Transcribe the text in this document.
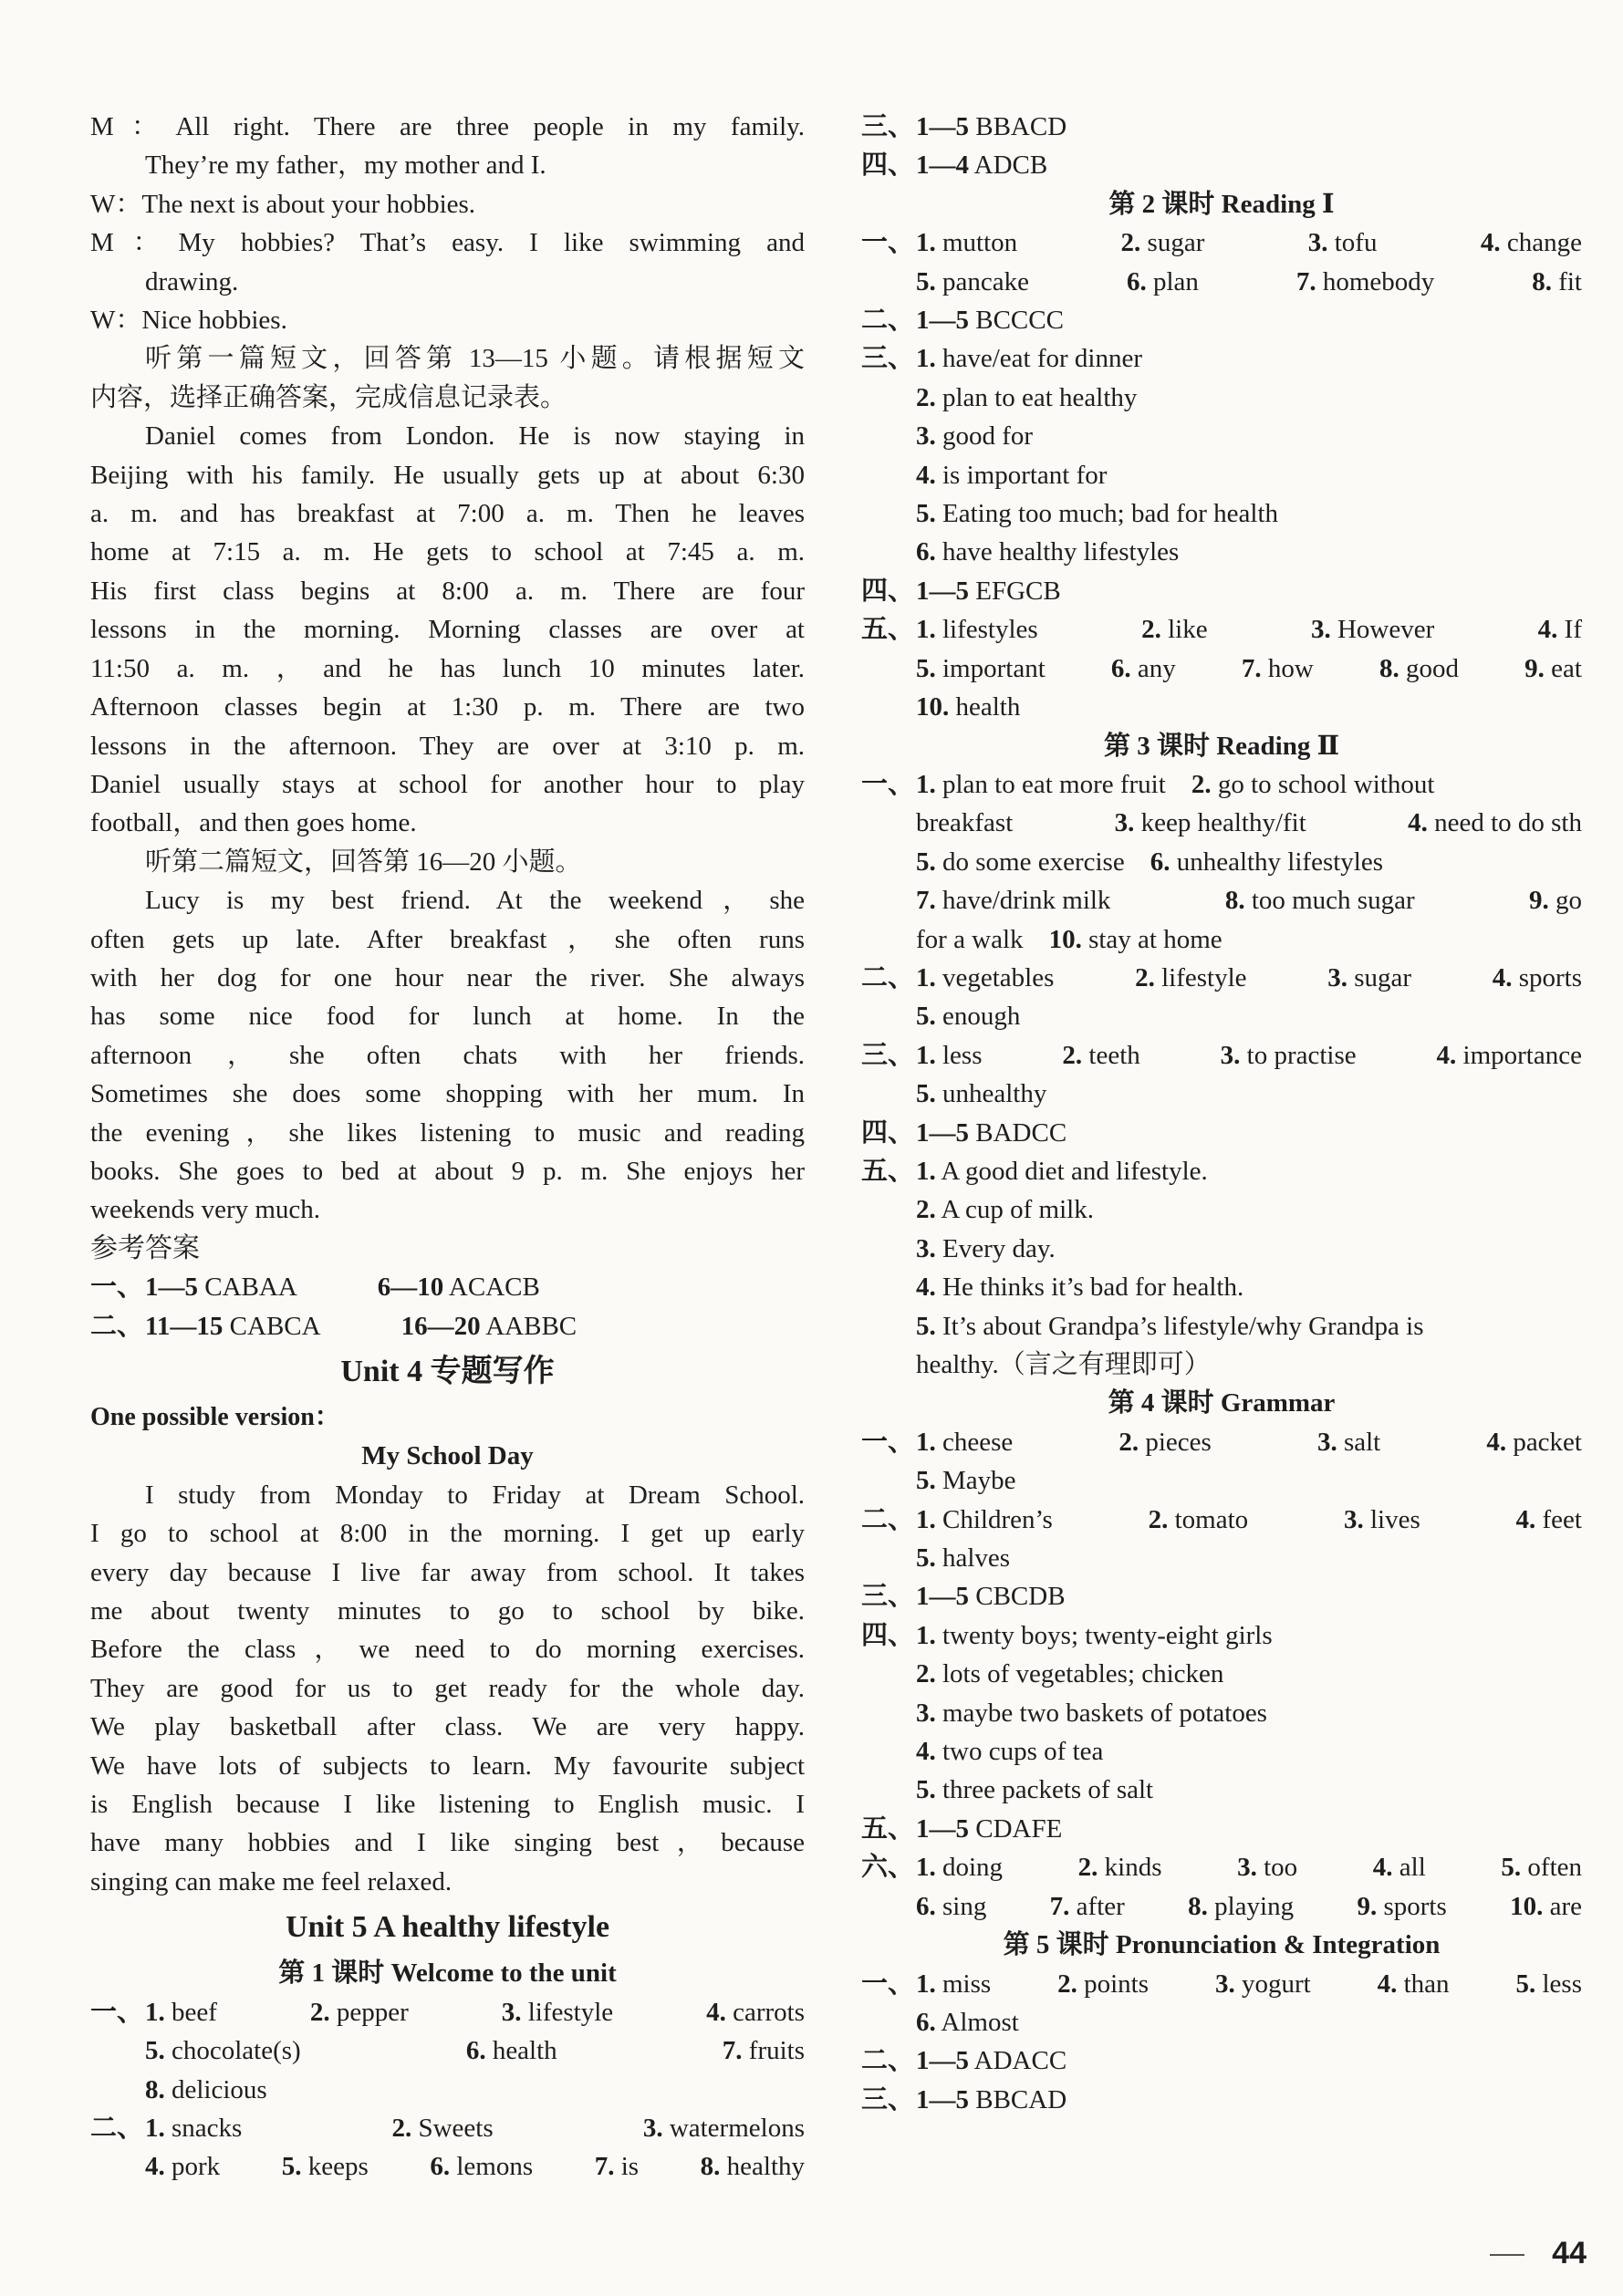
M：All right. There are three people in my family.
They’re my father，my mother and I.
W：The next is about your hobbies.
M：My hobbies? That’s easy. I like swimming and
drawing.
W：Nice hobbies.
听第一篇短文，回答第 13—15 小题。请根据短文
内容，选择正确答案，完成信息记录表。
Daniel comes from London. He is now staying in
Beijing with his family. He usually gets up at about 6:30
a. m. and has breakfast at 7:00 a. m. Then he leaves
home at 7:15 a. m. He gets to school at 7:45 a. m.
His first class begins at 8:00 a. m. There are four
lessons in the morning. Morning classes are over at
11:50 a. m. ，and he has lunch 10 minutes later.
Afternoon classes begin at 1:30 p. m. There are two
lessons in the afternoon. They are over at 3:10 p. m.
Daniel usually stays at school for another hour to play
football，and then goes home.
听第二篇短文，回答第 16—20 小题。
Lucy is my best friend. At the weekend，she
often gets up late. After breakfast，she often runs
with her dog for one hour near the river. She always
has some nice food for lunch at home. In the
afternoon，she often chats with her friends.
Sometimes she does some shopping with her mum. In
the evening，she likes listening to music and reading
books. She goes to bed at about 9 p. m. She enjoys her
weekends very much.
参考答案
一、 1—5 CABAA	6—10 ACACB
二、 11—15 CABCA	16—20 AABBC
Unit 4 专题写作
One possible version：
My School Day
I study from Monday to Friday at Dream School.
I go to school at 8:00 in the morning. I get up early
every day because I live far away from school. It takes
me about twenty minutes to go to school by bike.
Before the class，we need to do morning exercises.
They are good for us to get ready for the whole day.
We play basketball after class. We are very happy.
We have lots of subjects to learn. My favourite subject
is English because I like listening to English music. I
have many hobbies and I like singing best，because
singing can make me feel relaxed.
Unit 5 A healthy lifestyle
第 1 课时 Welcome to the unit
一、 1. beef	2. pepper	3. lifestyle	4. carrots
5. chocolate(s)	6. health	7. fruits
8. delicious
二、 1. snacks	2. Sweets	3. watermelons
4. pork 5. keeps 6. lemons 7. is 8. healthy
三、 1—5 BBACD
四、 1—4 ADCB
第 2 课时 Reading Ⅰ
一、 1. mutton	2. sugar	3. tofu	4. change
5. pancake	6. plan	7. homebody	8. fit
二、 1—5 BCCCC
三、 1. have/eat for dinner
2. plan to eat healthy
3. good for
4. is important for
5. Eating too much; bad for health
6. have healthy lifestyles
四、 1—5 EFGCB
五、 1. lifestyles	2. like	3. However	4. If
5. important 6. any 7. how 8. good 9. eat
10. health
第 3 课时 Reading Ⅱ
一、 1. plan to eat more fruit 2. go to school without
breakfast	3. keep healthy/fit	4. need to do sth
5. do some exercise 6. unhealthy lifestyles
7. have/drink milk	8. too much sugar	9. go
for a walk 10. stay at home
二、 1. vegetables	2. lifestyle	3. sugar	4. sports
5. enough
三、 1. less	2. teeth	3. to practise	4. importance
5. unhealthy
四、 1—5 BADCC
五、 1. A good diet and lifestyle.
2. A cup of milk.
3. Every day.
4. He thinks it’s bad for health.
5. It’s about Grandpa’s lifestyle/why Grandpa is
healthy.（言之有理即可）
第 4 课时 Grammar
一、 1. cheese	2. pieces	3. salt	4. packet
5. Maybe
二、 1. Children’s	2. tomato	3. lives	4. feet
5. halves
三、 1—5 CBCDB
四、 1. twenty boys; twenty-eight girls
2. lots of vegetables; chicken
3. maybe two baskets of potatoes
4. two cups of tea
5. three packets of salt
五、 1—5 CDAFE
六、 1. doing	2. kinds	3. too	4. all	5. often
6. sing 7. after 8. playing 9. sports 10. are
第 5 课时 Pronunciation & Integration
一、 1. miss	2. points	3. yogurt	4. than	5. less
6. Almost
二、 1—5 ADACC
三、 1—5 BBCAD
44
